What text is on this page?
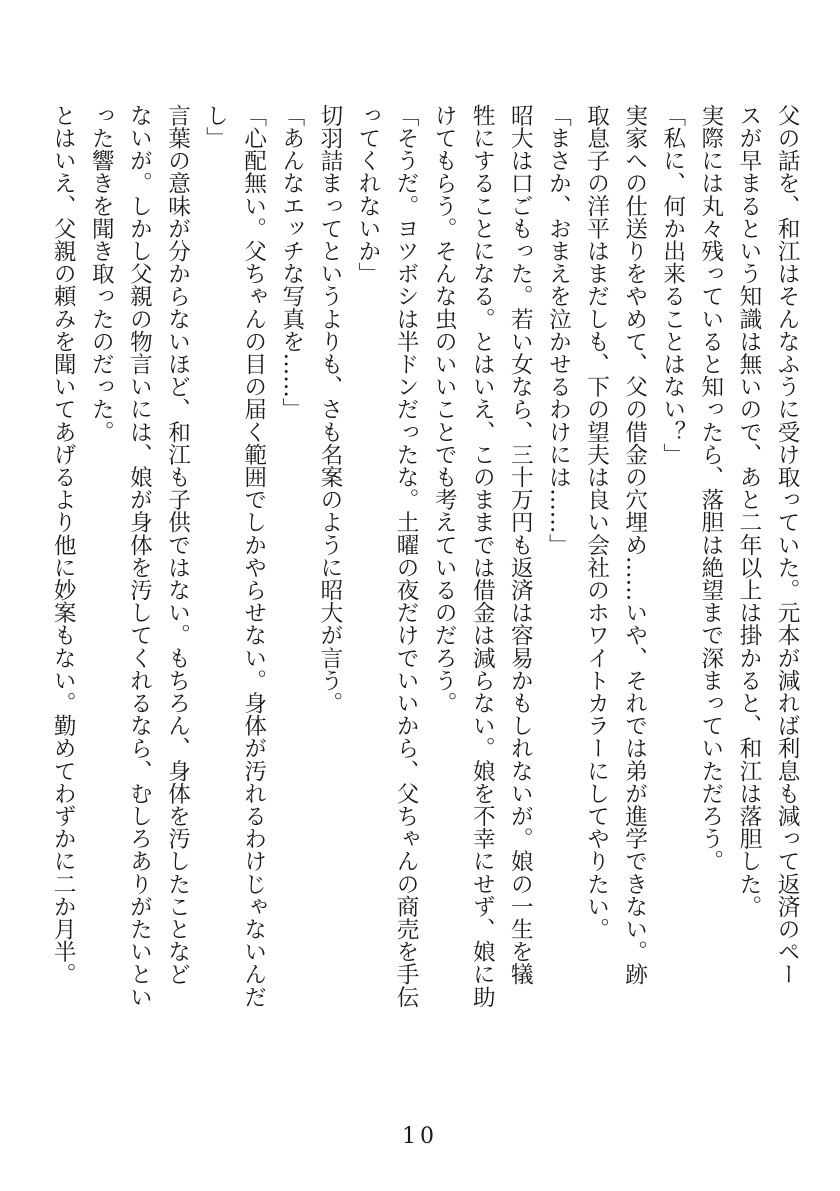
父の話を、和江はそんなふうに受け取っていた。元本が減れば利息も減って返済のペー
スが早まるという知識は無いので、あと二年以上は掛かると、和江は落胆した。
実際には丸々残っていると知ったら、落胆は絶望まで深まっていただろう。
「私に、何か出来ることはない？」
実家への仕送りをやめて、父の借金の穴埋め……いや、それでは弟が進学できない。跡
取息子の洋平はまだしも、下の望夫は良い会社のホワイトカラーにしてやりたい。
「まさか、おまえを泣かせるわけには……」
昭大は口ごもった。若い女なら、三十万円も返済は容易かもしれないが。娘の一生を犠
牲にすることになる。とはいえ、このままでは借金は減らない。娘を不幸にせず、娘に助
けてもらう。そんな虫のいいことでも考えているのだろう。
「そうだ。ヨツボシは半ドンだったな。土曜の夜だけでいいから、父ちゃんの商売を手伝
ってくれないか」
切羽詰まってというよりも、さも名案のように昭大が言う。
「あんなエッチな写真を……」
「心配無い。父ちゃんの目の届く範囲でしかやらせない。身体が汚れるわけじゃないんだ
し」
言葉の意味が分からないほど、和江も子供ではない。もちろん、身体を汚したことなど
ないが。しかし父親の物言いには、娘が身体を汚してくれるなら、むしろありがたいとい
った響きを聞き取ったのだった。
とはいえ、父親の頼みを聞いてあげるより他に妙案もない。勤めてわずかに二か月半。
10
